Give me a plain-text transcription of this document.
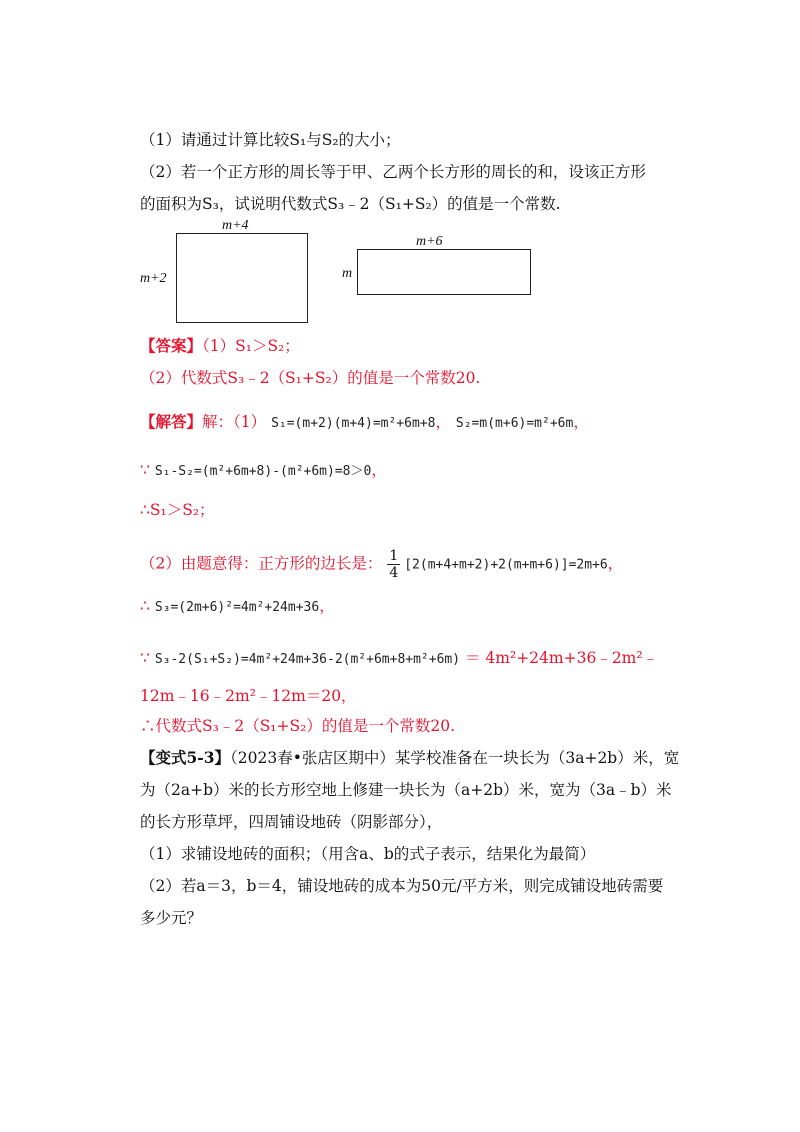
（1）请通过计算比较S₁与S₂的大小；
（2）若一个正方形的周长等于甲、乙两个长方形的周长的和，设该正方形
的面积为S₃，试说明代数式S₃﹣2（S₁+S₂）的值是一个常数.
m+4
m+2
m+6
m
【答案】（1）S₁＞S₂；
（2）代数式S₃﹣2（S₁+S₂）的值是一个常数20.
【解答】解：（1） S₁=(m+2)(m+4)=m²+6m+8， S₂=m(m+6)=m²+6m，
∵ S₁-S₂=(m²+6m+8)-(m²+6m)=8＞0，
∴S₁＞S₂；
（2）由题意得：正方形的边长是： $\frac{1}{4} [2(m+4+m+2)+2(m+m+6)]=2m+6$，
∴ S₃=(2m+6)²=4m²+24m+36，
∵ S₃-2(S₁+S₂)=4m²+24m+36-2(m²+6m+8+m²+6m) ＝ 4m²+24m+36﹣2m²﹣
12m﹣16﹣2m²﹣12m＝20，
∴代数式S₃﹣2（S₁+S₂）的值是一个常数20.
【变式5-3】（2023春•张店区期中）某学校准备在一块长为（3a+2b）米，宽
为（2a+b）米的长方形空地上修建一块长为（a+2b）米，宽为（3a﹣b）米
的长方形草坪，四周铺设地砖（阴影部分），
（1）求铺设地砖的面积；（用含a、b的式子表示，结果化为最简）
（2）若a＝3，b＝4，铺设地砖的成本为50元/平方米，则完成铺设地砖需要
多少元？
